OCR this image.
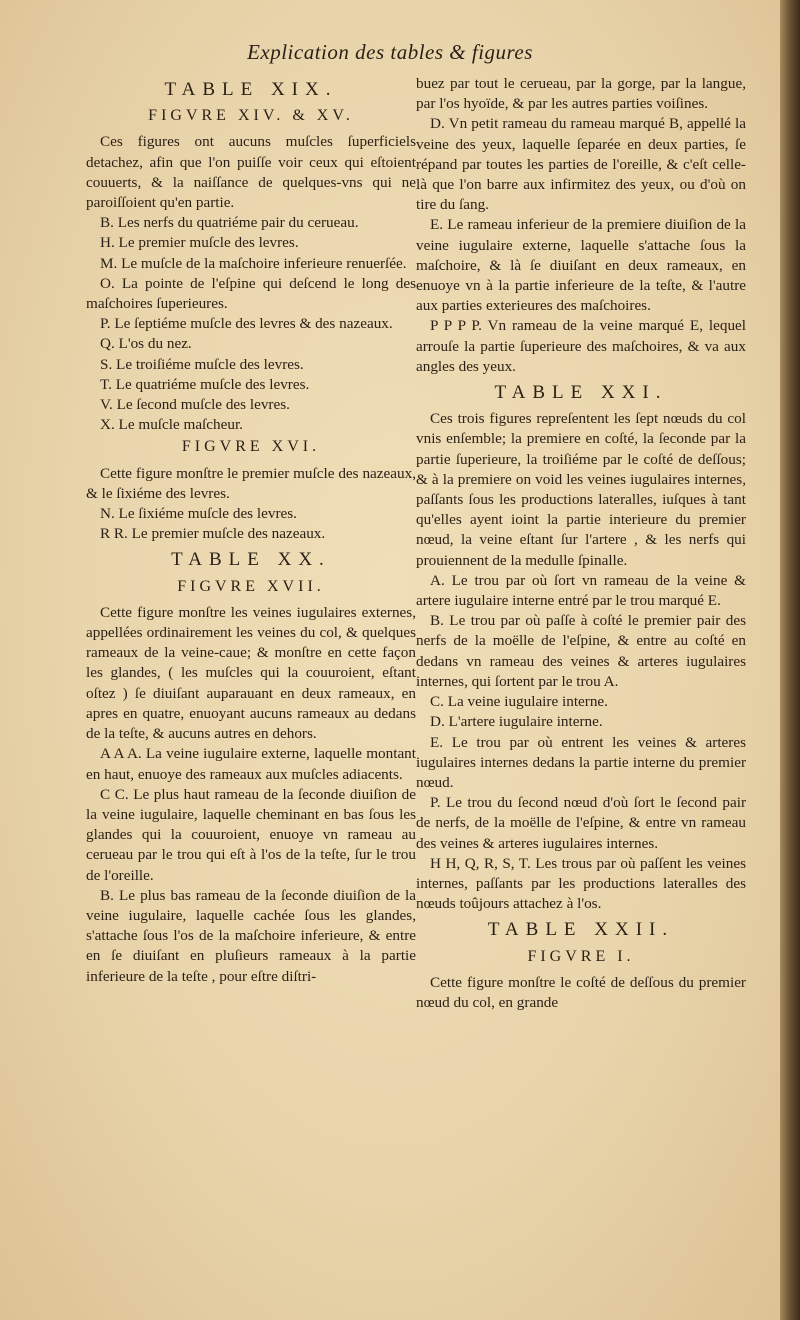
Explication des tables & figures
TABLE XIX.
FIGVRE XIV. & XV.

Ces figures ont aucuns muſcles ſuperficiels detachez, afin que l'on puiſſe voir ceux qui eſtoient couuerts, & la naiſſance de quelques-vns qui ne paroiſſoient qu'en partie.

B. Les nerfs du quatriéme pair du cerueau.

H. Le premier muſcle des levres.

M. Le muſcle de la maſchoire inferieure renuerſée.

O. La pointe de l'eſpine qui deſcend le long des maſchoires ſuperieures.

P. Le ſeptiéme muſcle des levres & des nazeaux.

Q. L'os du nez.

S. Le troiſiéme muſcle des levres.

T. Le quatriéme muſcle des levres.

V. Le ſecond muſcle des levres.

X. Le muſcle maſcheur.

FIGVRE XVI.

Cette figure monſtre le premier muſcle des nazeaux, & le ſixiéme des levres.

N. Le ſixiéme muſcle des levres.

R R. Le premier muſcle des nazeaux.

TABLE XX.
FIGVRE XVII.

Cette figure monſtre les veines iugulaires externes, appellées ordinairement les veines du col, & quelques rameaux de la veine-caue; & monſtre en cette façon les glandes, ( les muſcles qui la couuroient, eſtant oſtez ) ſe diuiſant auparauant en deux rameaux, en apres en quatre, enuoyant aucuns rameaux au dedans de la teſte, & aucuns autres en dehors.

A A A. La veine iugulaire externe, laquelle montant en haut, enuoye des rameaux aux muſcles adiacents.

C C. Le plus haut rameau de la ſeconde diuiſion de la veine iugulaire, laquelle cheminant en bas ſous les glandes qui la couuroient, enuoye vn rameau au cerueau par le trou qui eſt à l'os de la teſte, ſur le trou de l'oreille.

B. Le plus bas rameau de la ſeconde diuiſion de la veine iugulaire, laquelle cachée ſous les glandes, s'attache ſous l'os de la maſchoire inferieure, & entre en ſe diuiſant en pluſieurs rameaux à la partie inferieure de la teſte , pour eſtre diſtri-

buez par tout le cerueau, par la gorge, par la langue, par l'os hyoïde, & par les autres parties voiſines.

D. Vn petit rameau du rameau marqué B, appellé la veine des yeux, laquelle ſeparée en deux parties, ſe répand par toutes les parties de l'oreille, & c'eſt celle-là que l'on barre aux infirmitez des yeux, ou d'où on tire du ſang.

E. Le rameau inferieur de la premiere diuiſion de la veine iugulaire externe, laquelle s'attache ſous la maſchoire, & là ſe diuiſant en deux rameaux, en enuoye vn à la partie inferieure de la teſte, & l'autre aux parties exterieures des maſchoires.

P P P P. Vn rameau de la veine marqué E, lequel arrouſe la partie ſuperieure des maſchoires, & va aux angles des yeux.

TABLE XXI.

Ces trois figures repreſentent les ſept nœuds du col vnis enſemble; la premiere en coſté, la ſeconde par la partie ſuperieure, la troiſiéme par le coſté de deſſous; & à la premiere on void les veines iugulaires internes, paſſants ſous les productions lateralles, iuſques à tant qu'elles ayent ioint la partie interieure du premier nœud, la veine eſtant ſur l'artere , & les nerfs qui prouiennent de la medulle ſpinalle.

A. Le trou par où ſort vn rameau de la veine & artere iugulaire interne entré par le trou marqué E.

B. Le trou par où paſſe à coſté le premier pair des nerfs de la moëlle de l'eſpine, & entre au coſté en dedans vn rameau des veines & arteres iugulaires internes, qui ſortent par le trou A.

C. La veine iugulaire interne.

D. L'artere iugulaire interne.

E. Le trou par où entrent les veines & arteres iugulaires internes dedans la partie interne du premier nœud.

P. Le trou du ſecond nœud d'où ſort le ſecond pair de nerfs, de la moëlle de l'eſpine, & entre vn rameau des veines & arteres iugulaires internes.

H H, Q, R, S, T. Les trous par où paſſent les veines internes, paſſants par les productions lateralles des nœuds toûjours attachez à l'os.

TABLE XXII.
FIGVRE I.

Cette figure monſtre le coſté de deſſous du premier nœud du col, en grande
